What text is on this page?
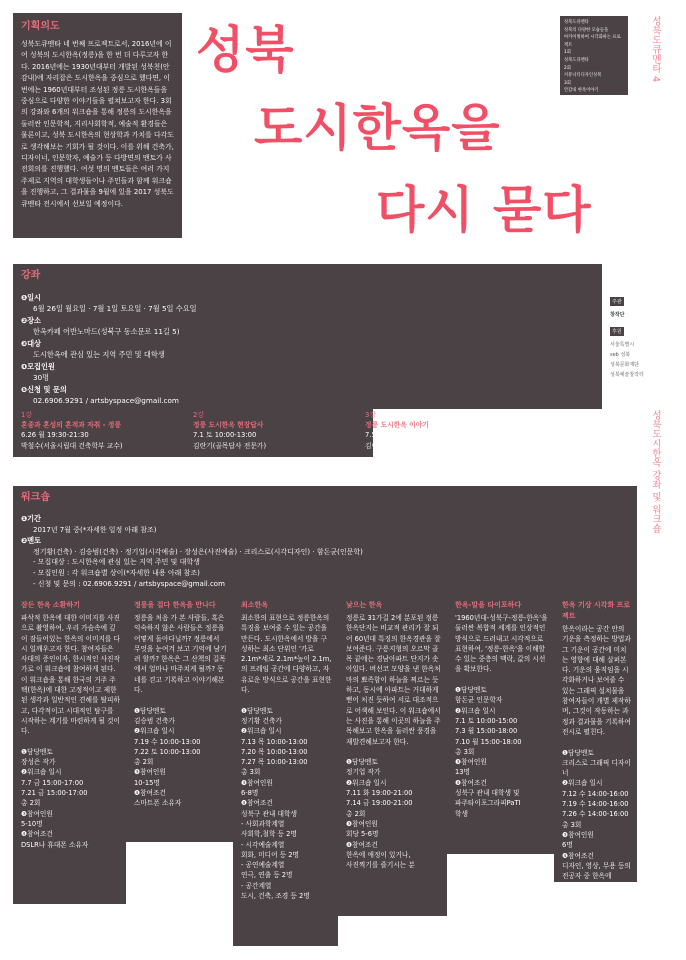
기획의도
성북도큐멘타 네 번째 프로젝트로서, 2016년에 이어 성북의 도시한옥(정릉)을 한 번 더 다루고자 한다. 2016년에는 1930년대부터 개발된 성북천(안감내)에 자리잡은 도시한옥을 중심으로 했다면, 이번에는 1960년대부터 조성된 정릉 도시한옥들을 중심으로 다양한 이야기들을 펼쳐보고자 한다. 3회의 강좌와 6개의 워크숍을 통해 정릉의 도시한옥을 둘러싼 인문학적, 지리사회학적, 예술적 환경들은 물론이고, 성북 도시한옥의 현상학과 가치를 다각도로 생각해보는 기회가 될 것이다. 이를 위해 건축가, 디자이너, 인문학자, 예술가 등 다방면의 멘토가 사전회의를 진행했다. 여섯 명의 멘토들은 여러 가지 주제로 지역의 대학생들이나 주민들과 함께 워크숍을 진행하고, 그 결과물을 9월에 있을 2017 성북도큐멘타 전시에서 선보일 예정이다.
성북
도시한옥을
다시 묻다
성북도큐멘타
성북의 다양한 모습들을
아카이빙하여 시각화하는 프로젝트
1회
성북도큐멘타
2회
커뮤니티디자인성북
3회
안감내 한옥이야기
성북도큐멘타 4
성북도시한옥 강좌 및 워크숍
주관
창작단
후원
서울특별시
seb 성북
성북문화재단
성북예술창작터
강좌
❶일시
6월 26일 월요일 · 7월 1일 토요일 · 7월 5일 수요일
❷장소
한옥카페 어반노마드(성북구 동소문로 11길 5)
❸대상
도시한옥에 관심 있는 지역 주민 및 대학생
❹모집인원
30명
❺신청 및 문의
02.6906.9291 / artsbyspace@gmail.com
1강
혼종과 혼성의 흔적과 자취 - 정릉
6.26 월 19:30-21:30
박철수(서울시립대 건축학부 교수)
2강
정릉 도시한옥 현장답사
7.1 토 10:00-13:00
김란기(골목답사 전문가)
3강
정릉 도시한옥 이야기
7.5 수 19:30-21:30
김란기(골목답사 전문가)
워크숍
❶기간
2017년 7월 중(*자세한 일정 아래 참조)
❷멘토
정기황(건축) · 김승범(건축) · 정기업(시각예술) · 장성은(사진예술) · 크리스로(시각디자인) · 함돈균(인문학)
- 모집대상 : 도시한옥에 관심 있는 지역 주민 및 대학생
- 모집인원 : 각 워크숍별 상이(*자세한 내용 아래 참조)
- 신청 및 문의 : 02.6906.9291 / artsbyspace@gmail.com
잠든 한옥 소환하기
파삭적 한옥에 대한 이미지를 사진으로 촬영하여, 우리 가슴속에 깊이 잠들어있는 한옥의 이미지를 다시 일깨우고자 한다. 참여자들은 사대의 증인이자, 한시적인 사진작가로 이 워크숍에 참여하게 된다. 이 워크숍을 통해 한국의 거주 주택(한옥)에 대한 고정적이고 제한된 생각과 일반적인 견해를 탈피하고, 다각적이고 시대적인 탐구를 시작하는 계기를 마련하게 될 것이다.

❶담당멘토
장성은 작가
❷워크숍 일시
7.7 금 15:00-17:00
7.21 금 15:00-17:00
총 2회
❸참여인원
5-10명
❹참여조건
DSLR나 휴대폰 소유자
정릉을 걸다 한옥을 만나다
정릉을 처음 가 본 사람들, 혹은 익숙하지 않은 사람들은 정릉을 어떻게 돌아다닐까? 정릉에서 무엇을 눈여겨 보고 기억에 남기려 할까? 한옥은 그 산책의 길목에서 얼마나 마주치게 될까? 동네를 걷고 기록하고 이야기해본다.

❶담당멘토
김승범 건축가
❷워크숍 일시
7.19 수 10:00-13:00
7.22 토 10:00-13:00
총 2회
❸참여인원
10-15명
❹참여조건
스마트폰 소유자
최소한옥
최소한의 표현으로 정릉한옥의 특징을 보여줄 수 있는 공간을 만든다. 도시한옥에서 방을 구성하는 최소 단위인 '가로 2.1m*세로 2.1m*높이 2.1m,의 프레임 공간에 다양하고, 자유로운 방식으로 공간을 표현한다.

❶담당멘토
정기황 건축가
❷워크숍 일시
7.13 목 10:00-13:00
7.20 목 10:00-13:00
7.27 목 10:00-13:00
총 3회
❸참여인원
6-8명
❹참여조건
성북구 관내 대학생
- 사회과학계열
사회학,철학 등 2명
- 시각예술계열
회화, 미디어 등 2명
- 공연예술계열
연극, 연출 등 2명
- 공간계열
도시, 건축, 조경 등 2명
낯으는 한옥
정릉로 31가길 2에 분포된 정릉 한옥단지는 비교적 관리가 잘 되어 60년대 특징의 한옥경관을 잘 보여준다. 구릉지형의 오르막 골목 끝에는 경남아파트 단지가 솟아있다. 버선코 모양을 낸 한옥처마의 뾰족함이 하늘을 찌르는 듯하고, 동시에 아파트는 거대하게 뻗어 처진 듯하여 서로 대조적으로 어색해 보인다. 이 워크숍에서는 사진을 통해 이곳의 하늘을 주목해보고 한옥을 둘러싼 풍경을 재발견해보고자 한다.

❶담당멘토
정기업 작가
❷워크숍 일시
7.11 화 19:00-21:00
7.14 금 19:00-21:00
총 2회
❸참여인원
회당 5-6명
❹참여조건
한옥에 애정이 있거나,
사진찍기를 즐기시는 분
한옥-말을 타이포하다
'1960년대-성북구-정릉-한옥'을 둘러싼 복합적 세계를 인상적인 방식으로 드러내고 시각적으로 표현하여, '정릉-한옥'을 이해할 수 있는 중층의 맥락, 값의 시선을 확보한다.

❶담당멘토
함돈균 인문학자
❷워크숍 일시
7.1 토 10:00-15:00
7.3 월 15:00-18:00
7.10 월 15:00-18:00
총 3회
❸참여인원
13명
❹참여조건
성북구 관내 대학생 및
파주타이포그라피PaTI
학생
한옥 기상 시각화 프로젝트
한옥이라는 공간 안의 기운을 측정하는 방법과 그 기운이 공간에 미치는 영향에 대해 살펴본다. 기운의 움직임을 시각화하거나 보여줄 수 있는 그래픽 설치물을 참여자들이 개별 제작하며, 그것이 작동하는 과정과 결과물을 기록하여 전시로 펼친다.

❶담당멘토
크리스로 그래픽 디자이너
❷워크숍 일시
7.12 수 14:00-16:00
7.19 수 14:00-16:00
7.26 수 14:00-16:00
총 3회
❸참여인원
6명
❹참여조건
디자인, 영상, 무용 등의
전공자 중 한옥에
관심있는 대학생 및
대학원생
